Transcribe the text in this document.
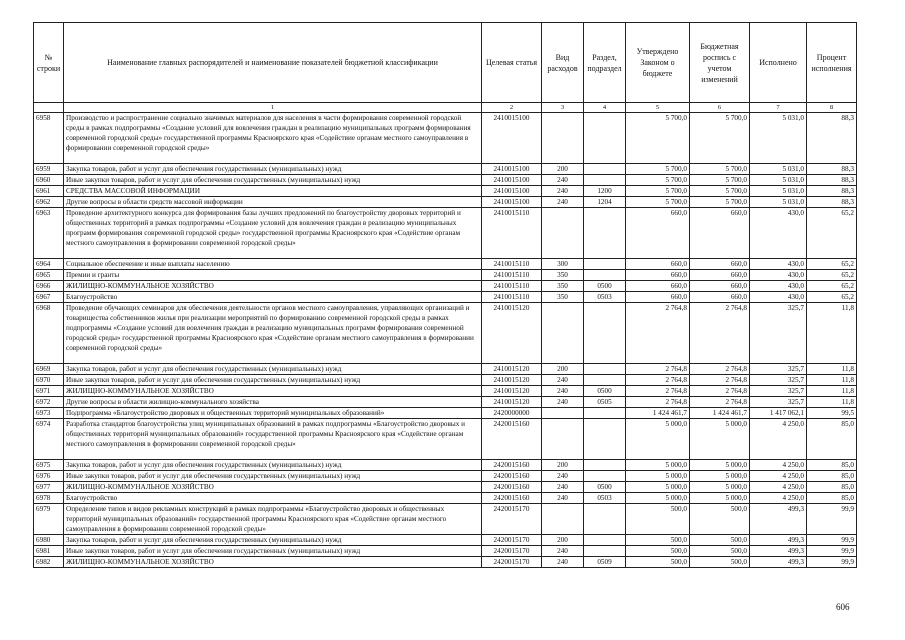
№ строки	Наименование главных распорядителей и наименование показателей бюджетной классификации	Целевая статья	Вид расходов	Раздел, подраздел	Утверждено Законом о бюджете	Бюджетная роспись с учетом изменений	Исполнено	Процент исполнения
	1	2	3	4	5	6	7	8
6958	Производство и распространение социально значимых материалов для населения в части формирования современной городской среды в рамках подпрограммы «Создание условий для вовлечения граждан в реализацию муниципальных программ формирования современной городской среды» государственной программы Красноярского края «Содействие органам местного самоуправления в формировании современной городской среды»	2410015100			5 700,0	5 700,0	5 031,0	88,3
6959	Закупка товаров, работ и услуг для обеспечения государственных (муниципальных) нужд	2410015100	200		5 700,0	5 700,0	5 031,0	88,3
6960	Иные закупки товаров, работ и услуг для обеспечения государственных (муниципальных) нужд	2410015100	240		5 700,0	5 700,0	5 031,0	88,3
6961	СРЕДСТВА МАССОВОЙ ИНФОРМАЦИИ	2410015100	240	1200	5 700,0	5 700,0	5 031,0	88,3
6962	Другие вопросы в области средств массовой информации	2410015100	240	1204	5 700,0	5 700,0	5 031,0	88,3
6963	Проведение архитектурного конкурса для формирования базы лучших предложений по благоустройству дворовых территорий и общественных территорий в рамках подпрограммы «Создание условий для вовлечения граждан в реализацию муниципальных программ формирования современной городской среды» государственной программы Красноярского края «Содействие органам местного самоуправления в формировании современной городской среды»	2410015110			660,0	660,0	430,0	65,2
6964	Социальное обеспечение и иные выплаты населению	2410015110	300		660,0	660,0	430,0	65,2
6965	Премии и гранты	2410015110	350		660,0	660,0	430,0	65,2
6966	ЖИЛИЩНО-КОММУНАЛЬНОЕ ХОЗЯЙСТВО	2410015110	350	0500	660,0	660,0	430,0	65,2
6967	Благоустройство	2410015110	350	0503	660,0	660,0	430,0	65,2
6968	Проведение обучающих семинаров для обеспечения деятельности органов местного самоуправления, управляющих организаций и товарищества собственников жилья при реализации мероприятий по формированию современной городской среды в рамках подпрограммы «Создание условий для вовлечения граждан в реализацию муниципальных программ формирования современной городской среды» государственной программы Красноярского края «Содействие органам местного самоуправления в формировании современной городской среды»	2410015120			2 764,8	2 764,8	325,7	11,8
6969	Закупка товаров, работ и услуг для обеспечения государственных (муниципальных) нужд	2410015120	200		2 764,8	2 764,8	325,7	11,8
6970	Иные закупки товаров, работ и услуг для обеспечения государственных (муниципальных) нужд	2410015120	240		2 764,8	2 764,8	325,7	11,8
6971	ЖИЛИЩНО-КОММУНАЛЬНОЕ ХОЗЯЙСТВО	2410015120	240	0500	2 764,8	2 764,8	325,7	11,8
6972	Другие вопросы в области жилищно-коммунального хозяйства	2410015120	240	0505	2 764,8	2 764,8	325,7	11,8
6973	Подпрограмма «Благоустройство дворовых и общественных территорий муниципальных образований»	2420000000			1 424 461,7	1 424 461,7	1 417 062,1	99,5
6974	Разработка стандартов благоустройства улиц муниципальных образований в рамках подпрограммы «Благоустройство дворовых и общественных территорий муниципальных образований» государственной программы Красноярского края «Содействие органам местного самоуправления в формировании современной городской среды»	2420015160			5 000,0	5 000,0	4 250,0	85,0
6975	Закупка товаров, работ и услуг для обеспечения государственных (муниципальных) нужд	2420015160	200		5 000,0	5 000,0	4 250,0	85,0
6976	Иные закупки товаров, работ и услуг для обеспечения государственных (муниципальных) нужд	2420015160	240		5 000,0	5 000,0	4 250,0	85,0
6977	ЖИЛИЩНО-КОММУНАЛЬНОЕ ХОЗЯЙСТВО	2420015160	240	0500	5 000,0	5 000,0	4 250,0	85,0
6978	Благоустройство	2420015160	240	0503	5 000,0	5 000,0	4 250,0	85,0
6979	Определение типов и видов рекламных конструкций в рамках подпрограммы «Благоустройство дворовых и общественных территорий муниципальных образований» государственной программы Красноярского края «Содействие органам местного самоуправления в формировании современной городской среды»	2420015170			500,0	500,0	499,3	99,9
6980	Закупка товаров, работ и услуг для обеспечения государственных (муниципальных) нужд	2420015170	200		500,0	500,0	499,3	99,9
6981	Иные закупки товаров, работ и услуг для обеспечения государственных (муниципальных) нужд	2420015170	240		500,0	500,0	499,3	99,9
6982	ЖИЛИЩНО-КОММУНАЛЬНОЕ ХОЗЯЙСТВО	2420015170	240	0509	500,0	500,0	499,3	99,9
606
